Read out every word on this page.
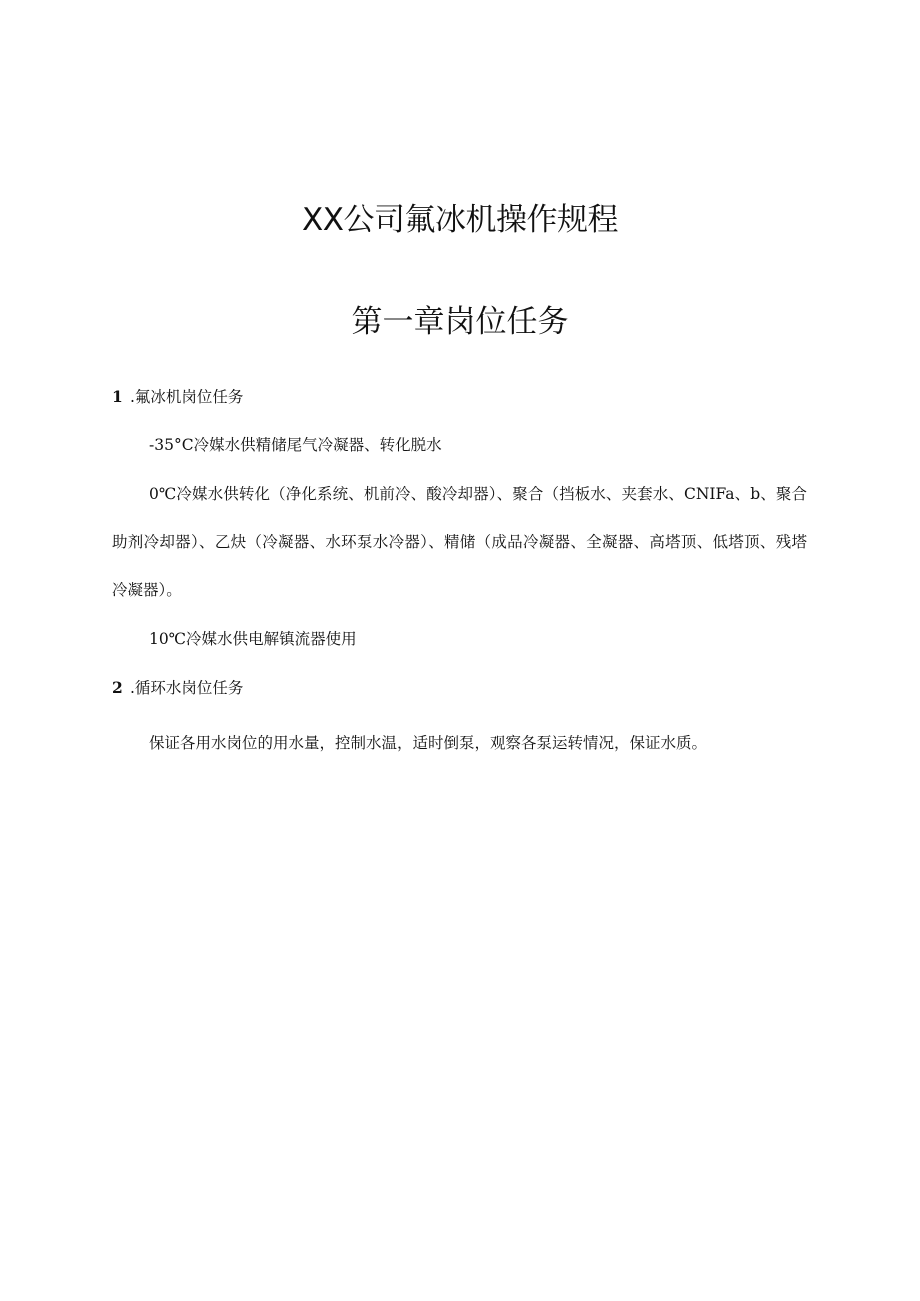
XX公司氟冰机操作规程
第一章岗位任务

1 .氟冰机岗位任务

-35°C冷媒水供精储尾气冷凝器、转化脱水

0℃冷媒水供转化（净化系统、机前冷、酸冷却器）、聚合（挡板水、夹套水、CNIFa、b、聚合助剂冷却器）、乙炔（冷凝器、水环泵水冷器）、精储（成品冷凝器、全凝器、高塔顶、低塔顶、残塔冷凝器）。

10℃冷媒水供电解镇流器使用

2 .循环水岗位任务

保证各用水岗位的用水量，控制水温，适时倒泵，观察各泵运转情况，保证水质。
